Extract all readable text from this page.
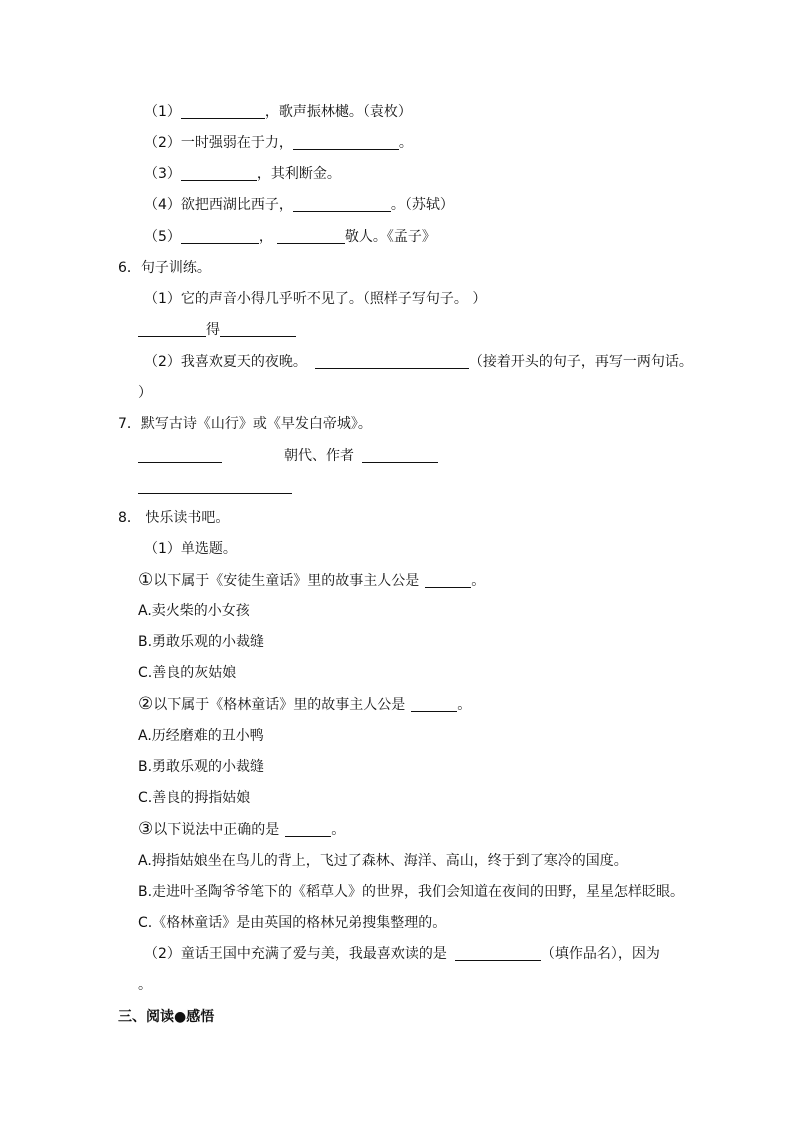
（1）	，歌声振林樾。（袁枚）
（2）一时强弱在于力，	。
（3）	，其利断金。
（4）欲把西湖比西子，	。（苏轼）
（5）	，	敬人。《孟子》
6．句子训练。
（1）它的声音小得几乎听不见了。（照样子写句子。 ）
得
（2）我喜欢夏天的夜晚。	（接着开头的句子，再写一两句话。
）
7．默写古诗《山行》或《早发白帝城》。
朝代、作者
8． 快乐读书吧。
（1）单选题。
①以下属于《安徒生童话》里的故事主人公是	。
A.卖火柴的小女孩
B.勇敢乐观的小裁缝
C.善良的灰姑娘
②以下属于《格林童话》里的故事主人公是	。
A.历经磨难的丑小鸭
B.勇敢乐观的小裁缝
C.善良的拇指姑娘
③以下说法中正确的是	。
A.拇指姑娘坐在鸟儿的背上，飞过了森林、海洋、高山，终于到了寒冷的国度。
B.走进叶圣陶爷爷笔下的《稻草人》的世界，我们会知道在夜间的田野，星星怎样眨眼。
C.《格林童话》是由英国的格林兄弟搜集整理的。
（2）童话王国中充满了爱与美，我最喜欢读的是	（填作品名），因为
。
三、阅读●感悟
